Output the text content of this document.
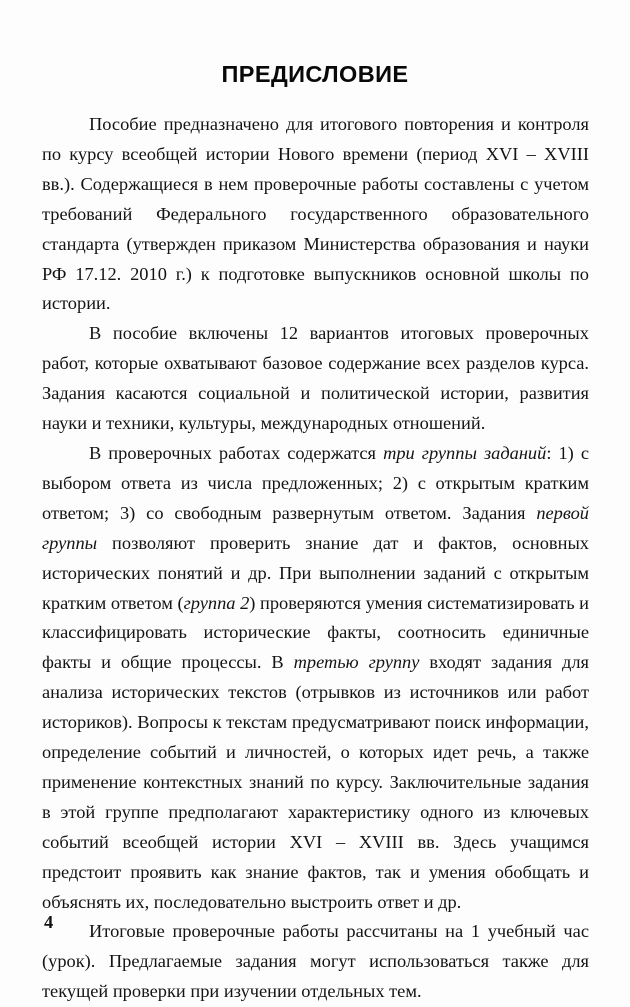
ПРЕДИСЛОВИЕ

Пособие предназначено для итогового повторения и контроля по курсу всеобщей истории Нового времени (период XVI – XVIII вв.). Содержащиеся в нем проверочные работы составлены с учетом требований Федерального государственного образовательного стандарта (утвержден приказом Министерства образования и науки РФ 17.12. 2010 г.) к подготовке выпускников основной школы по истории.

В пособие включены 12 вариантов итоговых проверочных работ, которые охватывают базовое содержание всех разделов курса. Задания касаются социальной и политической истории, развития науки и техники, культуры, международных отношений.

В проверочных работах содержатся три группы заданий: 1) с выбором ответа из числа предложенных; 2) с открытым кратким ответом; 3) со свободным развернутым ответом. Задания первой группы позволяют проверить знание дат и фактов, основных исторических понятий и др. При выполнении заданий с открытым кратким ответом (группа 2) проверяются умения систематизировать и классифицировать исторические факты, соотносить единичные факты и общие процессы. В третью группу входят задания для анализа исторических текстов (отрывков из источников или работ историков). Вопросы к текстам предусматривают поиск информации, определение событий и личностей, о которых идет речь, а также применение контекстных знаний по курсу. Заключительные задания в этой группе предполагают характеристику одного из ключевых событий всеобщей истории XVI – XVIII вв. Здесь учащимся предстоит проявить как знание фактов, так и умения обобщать и объяснять их, последовательно выстроить ответ и др.

Итоговые проверочные работы рассчитаны на 1 учебный час (урок). Предлагаемые задания могут использоваться также для текущей проверки при изучении отдельных тем.

4
